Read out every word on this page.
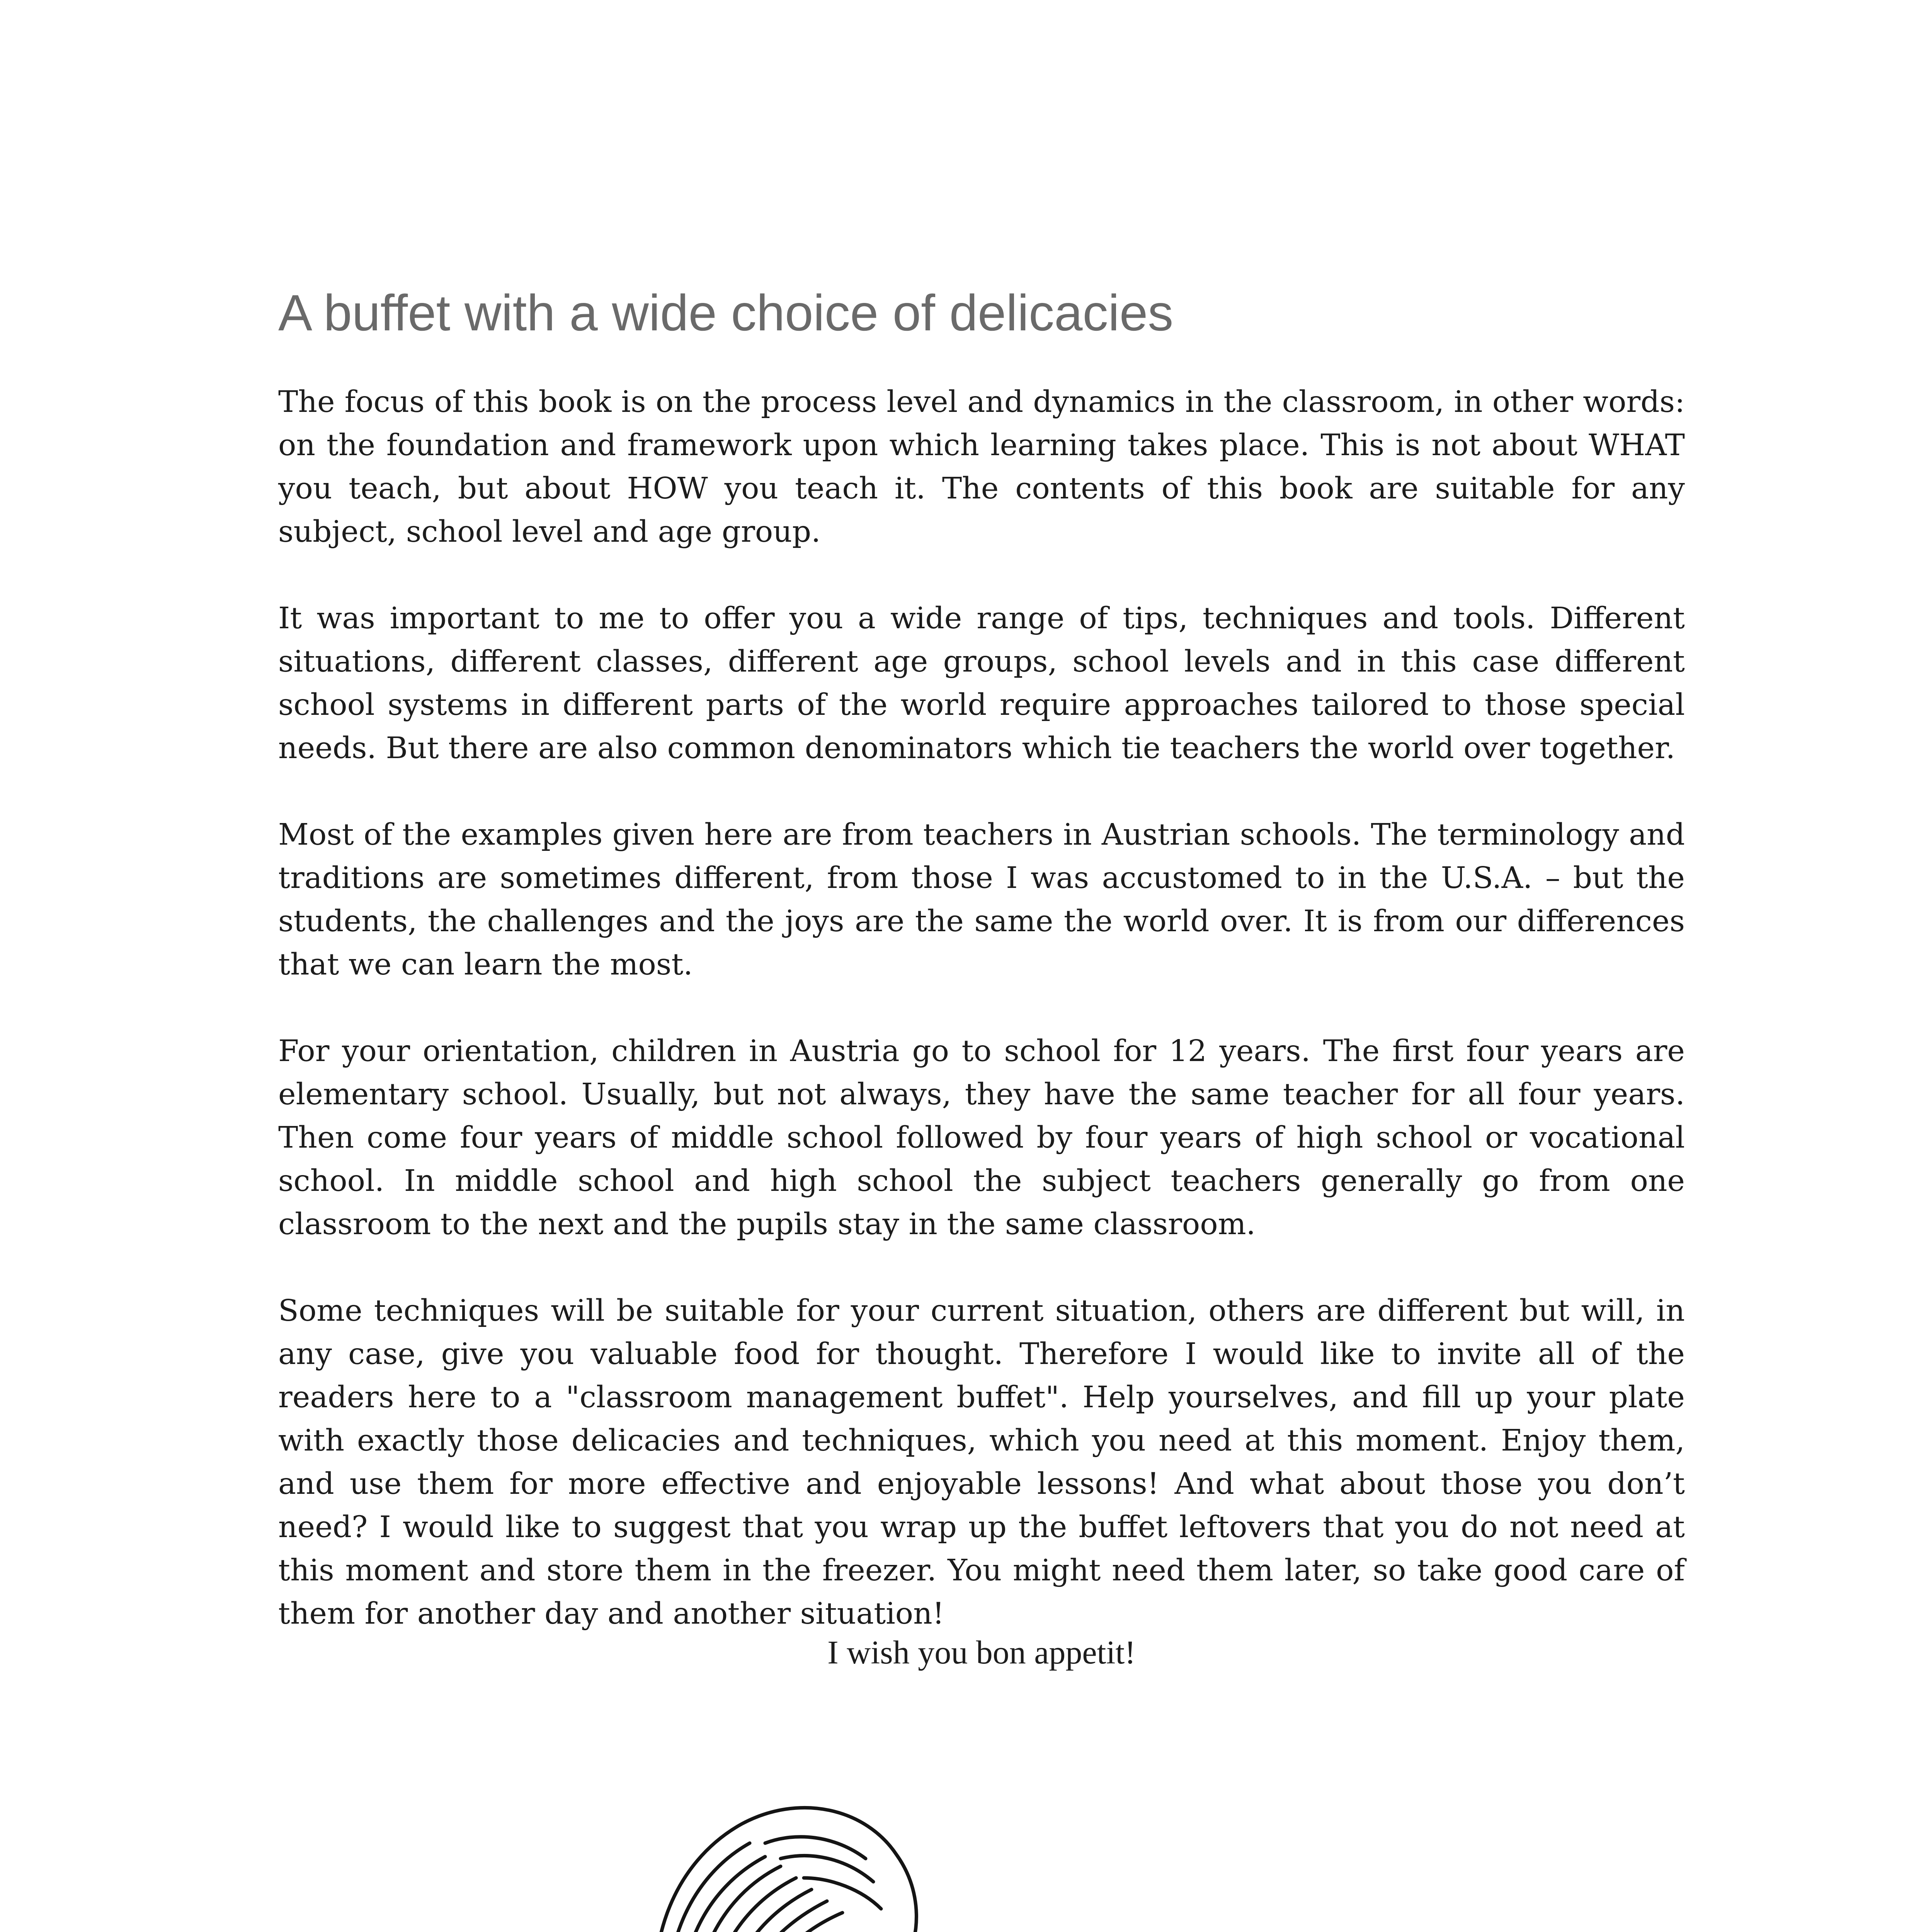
A buffet with a wide choice of delicacies

The focus of this book is on the process level and dynamics in the classroom, in other words: on the foundation and framework upon which learning takes place. This is not about WHAT you teach, but about HOW you teach it. The contents of this book are suitable for any subject, school level and age group.

It was important to me to offer you a wide range of tips, techniques and tools. Different situations, different classes, different age groups, school levels and in this case different school systems in different parts of the world require approaches tailored to those special needs. But there are also common denominators which tie teachers the world over together.

Most of the examples given here are from teachers in Austrian schools. The terminology and traditions are sometimes different, from those I was accustomed to in the U.S.A. – but the students, the challenges and the joys are the same the world over. It is from our differences that we can learn the most.

For your orientation, children in Austria go to school for 12 years. The first four years are elementary school. Usually, but not always, they have the same teacher for all four years. Then come four years of middle school followed by four years of high school or vocational school. In middle school and high school the subject teachers generally go from one classroom to the next and the pupils stay in the same classroom.

Some techniques will be suitable for your current situation, others are different but will, in any case, give you valuable food for thought. Therefore I would like to invite all of the readers here to a "classroom management buffet". Help yourselves, and fill up your plate with exactly those delicacies and techniques, which you need at this moment. Enjoy them, and use them for more effective and enjoyable lessons! And what about those you don’t need? I would like to suggest that you wrap up the buffet leftovers that you do not need at this moment and store them in the freezer. You might need them later, so take good care of them for another day and another situation!

I wish you bon appetit!
